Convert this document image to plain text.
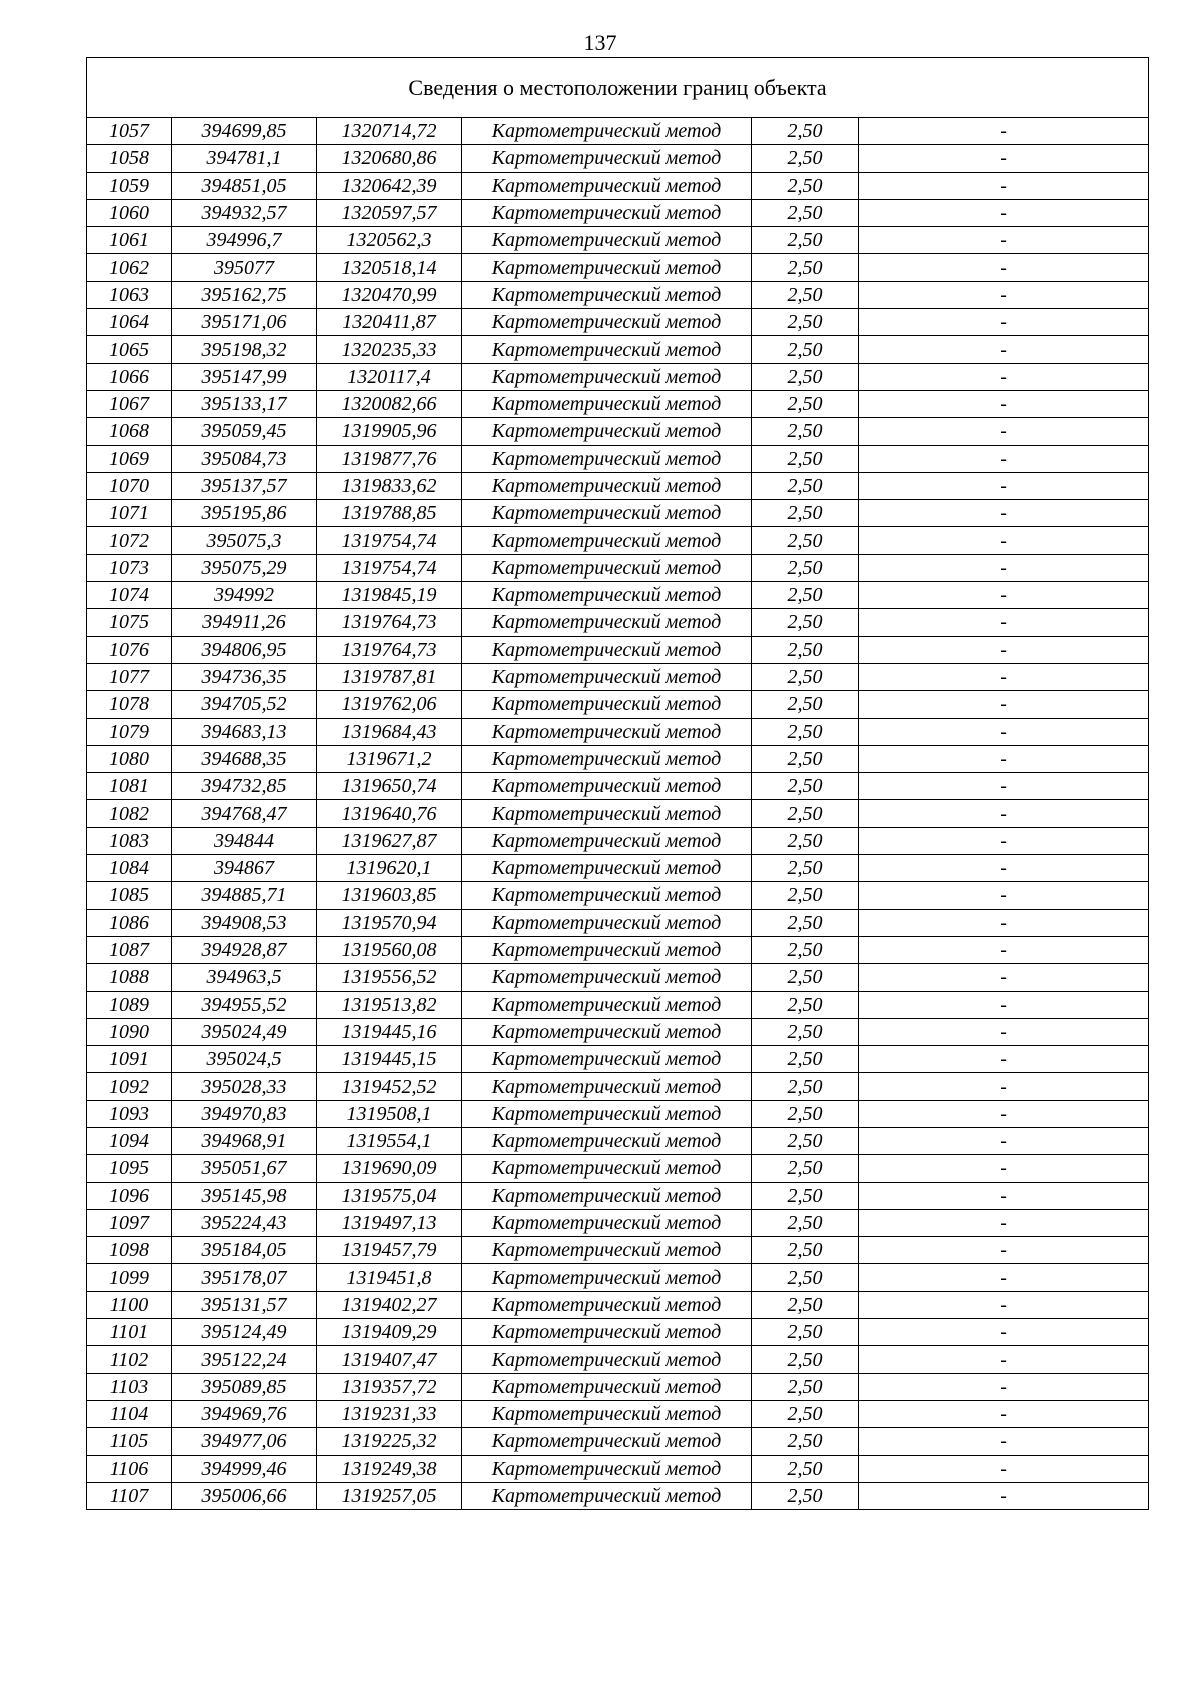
137
Сведения о местоположении границ объекта					
1057	394699,85	1320714,72	Картометрический метод	2,50	-
1058	394781,1	1320680,86	Картометрический метод	2,50	-
1059	394851,05	1320642,39	Картометрический метод	2,50	-
1060	394932,57	1320597,57	Картометрический метод	2,50	-
1061	394996,7	1320562,3	Картометрический метод	2,50	-
1062	395077	1320518,14	Картометрический метод	2,50	-
1063	395162,75	1320470,99	Картометрический метод	2,50	-
1064	395171,06	1320411,87	Картометрический метод	2,50	-
1065	395198,32	1320235,33	Картометрический метод	2,50	-
1066	395147,99	1320117,4	Картометрический метод	2,50	-
1067	395133,17	1320082,66	Картометрический метод	2,50	-
1068	395059,45	1319905,96	Картометрический метод	2,50	-
1069	395084,73	1319877,76	Картометрический метод	2,50	-
1070	395137,57	1319833,62	Картометрический метод	2,50	-
1071	395195,86	1319788,85	Картометрический метод	2,50	-
1072	395075,3	1319754,74	Картометрический метод	2,50	-
1073	395075,29	1319754,74	Картометрический метод	2,50	-
1074	394992	1319845,19	Картометрический метод	2,50	-
1075	394911,26	1319764,73	Картометрический метод	2,50	-
1076	394806,95	1319764,73	Картометрический метод	2,50	-
1077	394736,35	1319787,81	Картометрический метод	2,50	-
1078	394705,52	1319762,06	Картометрический метод	2,50	-
1079	394683,13	1319684,43	Картометрический метод	2,50	-
1080	394688,35	1319671,2	Картометрический метод	2,50	-
1081	394732,85	1319650,74	Картометрический метод	2,50	-
1082	394768,47	1319640,76	Картометрический метод	2,50	-
1083	394844	1319627,87	Картометрический метод	2,50	-
1084	394867	1319620,1	Картометрический метод	2,50	-
1085	394885,71	1319603,85	Картометрический метод	2,50	-
1086	394908,53	1319570,94	Картометрический метод	2,50	-
1087	394928,87	1319560,08	Картометрический метод	2,50	-
1088	394963,5	1319556,52	Картометрический метод	2,50	-
1089	394955,52	1319513,82	Картометрический метод	2,50	-
1090	395024,49	1319445,16	Картометрический метод	2,50	-
1091	395024,5	1319445,15	Картометрический метод	2,50	-
1092	395028,33	1319452,52	Картометрический метод	2,50	-
1093	394970,83	1319508,1	Картометрический метод	2,50	-
1094	394968,91	1319554,1	Картометрический метод	2,50	-
1095	395051,67	1319690,09	Картометрический метод	2,50	-
1096	395145,98	1319575,04	Картометрический метод	2,50	-
1097	395224,43	1319497,13	Картометрический метод	2,50	-
1098	395184,05	1319457,79	Картометрический метод	2,50	-
1099	395178,07	1319451,8	Картометрический метод	2,50	-
1100	395131,57	1319402,27	Картометрический метод	2,50	-
1101	395124,49	1319409,29	Картометрический метод	2,50	-
1102	395122,24	1319407,47	Картометрический метод	2,50	-
1103	395089,85	1319357,72	Картометрический метод	2,50	-
1104	394969,76	1319231,33	Картометрический метод	2,50	-
1105	394977,06	1319225,32	Картометрический метод	2,50	-
1106	394999,46	1319249,38	Картометрический метод	2,50	-
1107	395006,66	1319257,05	Картометрический метод	2,50	-
